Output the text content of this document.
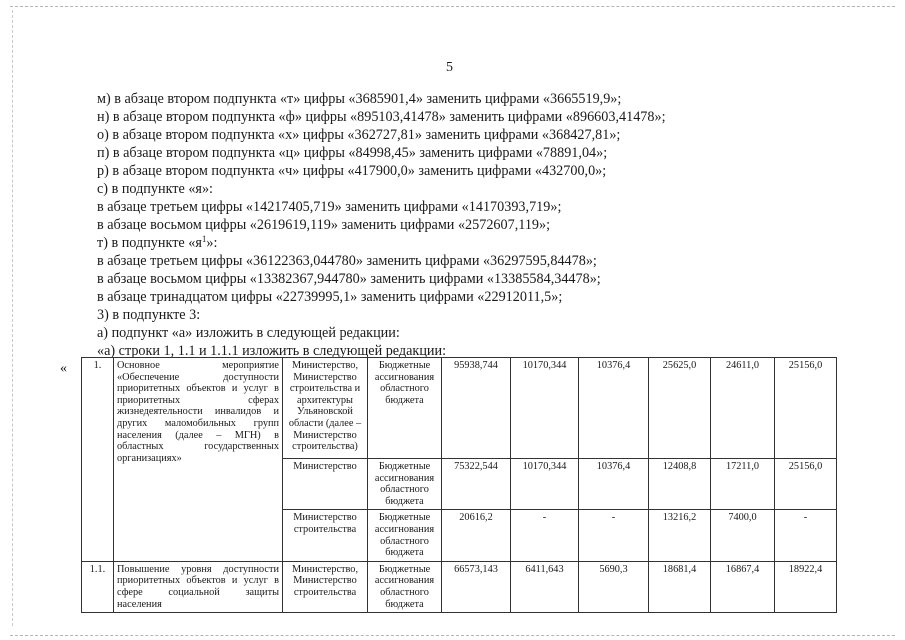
5
м) в абзаце втором подпункта «т» цифры «3685901,4» заменить цифрами «3665519,9»;
н) в абзаце втором подпункта «ф» цифры «895103,41478» заменить цифрами «896603,41478»;
о) в абзаце втором подпункта «х» цифры «362727,81» заменить цифрами «368427,81»;
п) в абзаце втором подпункта «ц» цифры «84998,45» заменить цифрами «78891,04»;
р) в абзаце втором подпункта «ч» цифры «417900,0» заменить цифрами «432700,0»;
с) в подпункте «я»:
в абзаце третьем цифры «14217405,719» заменить цифрами «14170393,719»;
в абзаце восьмом цифры «2619619,119» заменить цифрами «2572607,119»;
т) в подпункте «$я^1$»:
в абзаце третьем цифры «36122363,044780» заменить цифрами «36297595,84478»;
в абзаце восьмом цифры «13382367,944780» заменить цифрами «13385584,34478»;
в абзаце тринадцатом цифры «22739995,1» заменить цифрами «22912011,5»;
3) в подпункте 3:
а) подпункт «а» изложить в следующей редакции:
«а) строки 1, 1.1 и 1.1.1 изложить в следующей редакции:
«	1.	Основное мероприятие «Обеспечение доступности приоритетных объектов и услуг в приоритетных сферах жизнедеятельности инвалидов и других маломобильных групп населения (далее – МГН) в областных государственных организациях»	Министерство, Министерство строительства и архитектуры Ульяновской области (далее – Министерство строительства)	Бюджетные ассигнования областного бюджета	95938,744	10170,344	10376,4	25625,0	24611,0	25156,0
		Министерство	Бюджетные ассигнования областного бюджета	75322,544	10170,344	10376,4	12408,8	17211,0	25156,0
		Министерство строительства	Бюджетные ассигнования областного бюджета	20616,2	-	-	13216,2	7400,0	-
1.1.	Повышение уровня доступности приоритетных объектов и услуг в сфере социальной защиты населения	Министерство, Министерство строительства	Бюджетные ассигнования областного бюджета	66573,143	6411,643	5690,3	18681,4	16867,4	18922,4
